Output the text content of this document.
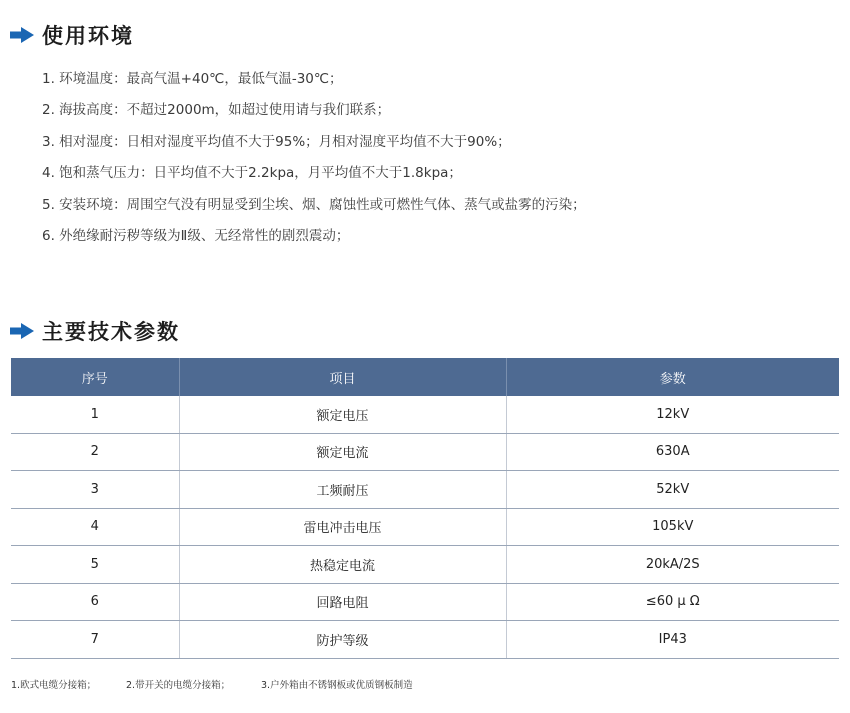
使用环境
1. 环境温度：最高气温+40℃，最低气温-30℃；
2. 海拔高度：不超过2000m，如超过使用请与我们联系；
3. 相对湿度：日相对湿度平均值不大于95%；月相对湿度平均值不大于90%；
4. 饱和蒸气压力：日平均值不大于2.2kpa，月平均值不大于1.8kpa；
5. 安装环境：周围空气没有明显受到尘埃、烟、腐蚀性或可燃性气体、蒸气或盐雾的污染；
6. 外绝缘耐污秽等级为Ⅱ级、无经常性的剧烈震动；
主要技术参数
序号	项目	参数
1	额定电压	12kV
2	额定电流	630A
3	工频耐压	52kV
4	雷电冲击电压	105kV
5	热稳定电流	20kA/2S
6	回路电阻	≤60 μ Ω
7	防护等级	IP43
1.欧式电缆分接箱；	2.带开关的电缆分接箱；	3.户外箱由不锈钢板或优质钢板制造
